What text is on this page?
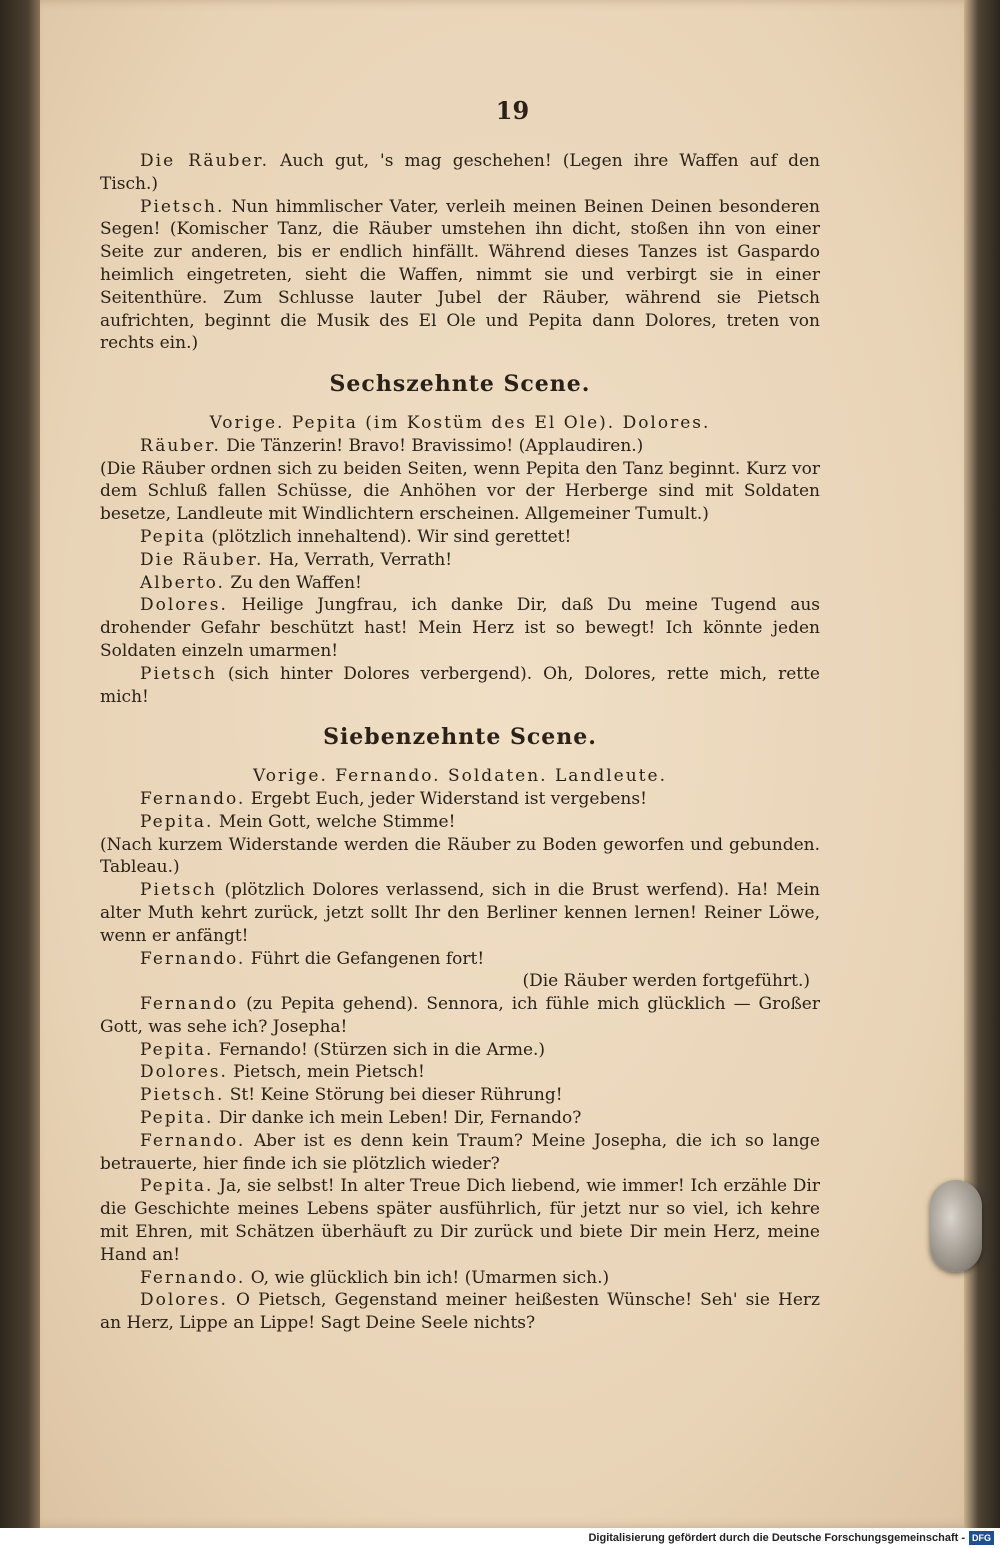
19

Die Räuber. Auch gut, 's mag geschehen! (Legen ihre Waffen auf den Tisch.)

Pietsch. Nun himmlischer Vater, verleih meinen Beinen Deinen besonderen Segen! (Komischer Tanz, die Räuber umstehen ihn dicht, stoßen ihn von einer Seite zur anderen, bis er endlich hinfällt. Während dieses Tanzes ist Gaspardo heimlich eingetreten, sieht die Waffen, nimmt sie und verbirgt sie in einer Seitenthüre. Zum Schlusse lauter Jubel der Räuber, während sie Pietsch aufrichten, beginnt die Musik des El Ole und Pepita dann Dolores, treten von rechts ein.)

Sechszehnte Scene.

Vorige. Pepita (im Kostüm des El Ole). Dolores.

Räuber. Die Tänzerin! Bravo! Bravissimo! (Applaudiren.)

(Die Räuber ordnen sich zu beiden Seiten, wenn Pepita den Tanz beginnt. Kurz vor dem Schluß fallen Schüsse, die Anhöhen vor der Herberge sind mit Soldaten besetze, Landleute mit Windlichtern erscheinen. Allgemeiner Tumult.)

Pepita (plötzlich innehaltend). Wir sind gerettet!

Die Räuber. Ha, Verrath, Verrath!

Alberto. Zu den Waffen!

Dolores. Heilige Jungfrau, ich danke Dir, daß Du meine Tugend aus drohender Gefahr beschützt hast! Mein Herz ist so bewegt! Ich könnte jeden Soldaten einzeln umarmen!

Pietsch (sich hinter Dolores verbergend). Oh, Dolores, rette mich, rette mich!

Siebenzehnte Scene.

Vorige. Fernando. Soldaten. Landleute.

Fernando. Ergebt Euch, jeder Widerstand ist vergebens!

Pepita. Mein Gott, welche Stimme!

(Nach kurzem Widerstande werden die Räuber zu Boden geworfen und gebunden. Tableau.)

Pietsch (plötzlich Dolores verlassend, sich in die Brust werfend). Ha! Mein alter Muth kehrt zurück, jetzt sollt Ihr den Berliner kennen lernen! Reiner Löwe, wenn er anfängt!

Fernando. Führt die Gefangenen fort!

(Die Räuber werden fortgeführt.)

Fernando (zu Pepita gehend). Sennora, ich fühle mich glücklich — Großer Gott, was sehe ich? Josepha!

Pepita. Fernando! (Stürzen sich in die Arme.)

Dolores. Pietsch, mein Pietsch!

Pietsch. St! Keine Störung bei dieser Rührung!

Pepita. Dir danke ich mein Leben! Dir, Fernando?

Fernando. Aber ist es denn kein Traum? Meine Josepha, die ich so lange betrauerte, hier finde ich sie plötzlich wieder?

Pepita. Ja, sie selbst! In alter Treue Dich liebend, wie immer! Ich erzähle Dir die Geschichte meines Lebens später ausführlich, für jetzt nur so viel, ich kehre mit Ehren, mit Schätzen überhäuft zu Dir zurück und biete Dir mein Herz, meine Hand an!

Fernando. O, wie glücklich bin ich! (Umarmen sich.)

Dolores. O Pietsch, Gegenstand meiner heißesten Wünsche! Seh' sie Herz an Herz, Lippe an Lippe! Sagt Deine Seele nichts?

Digitalisierung gefördert durch die Deutsche Forschungsgemeinschaft - DFG
